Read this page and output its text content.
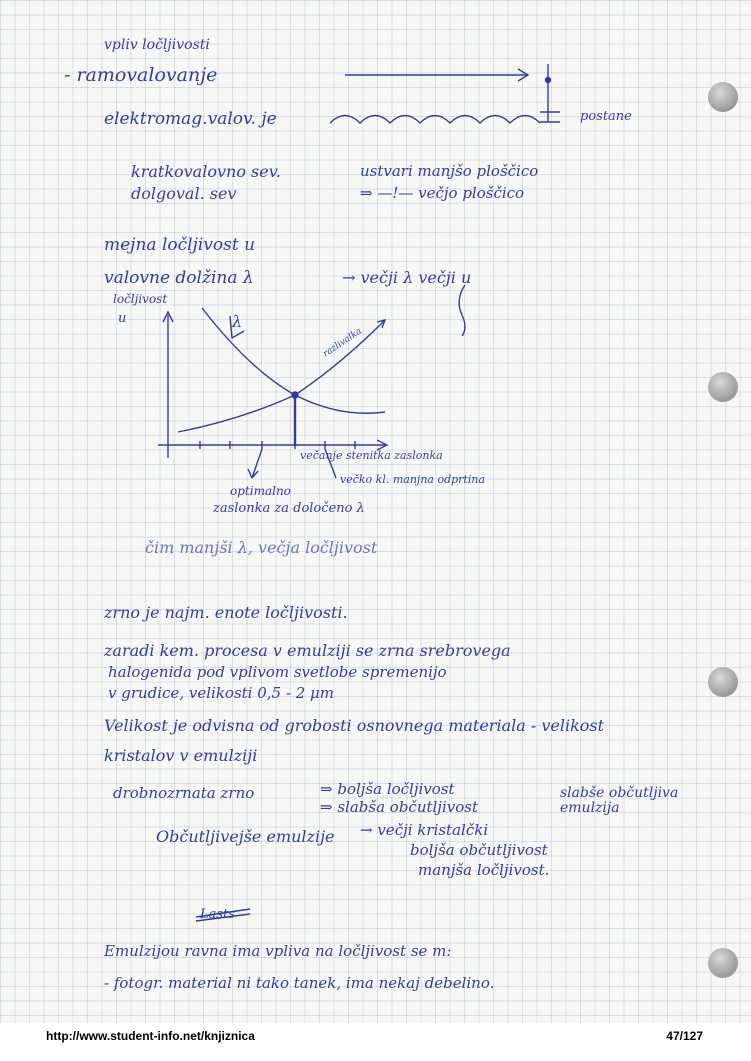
vpliv ločljivosti
- ramovalovanje
elektromag.valov. je	postane
kratkovalovno sev.
dolgoval. sev
ustvari manjšo ploščico
⇒ —!— večjo ploščico
mejna ločljivost u
valovne dolžina λ	→ večji λ večji u
ločljivost
u	λ
razlivalka
večanje stenitka zaslonka
večko kl. manjna odprtina
optimalno
zaslonka za določeno λ
čim manjši λ, večja ločljivost
zrno je najm. enote ločljivosti.
zaradi kem. procesa v emulziji se zrna srebrovega
halogenida pod vplivom svetlobe spremenijo
v grudice, velikosti 0,5 - 2 μm
Velikost je odvisna od grobosti osnovnega materiala - velikost
kristalov v emulziji
drobnozrnata zrno	⇒ boljša ločljivost
⇒ slabša občutljivost
slabše občutljiva emulzija
Občutljivejše emulzije → večji kristalčki
boljša občutljivost
manjša ločljivost.
Lasts
Emulzijou ravna ima vpliva na ločljivost se m:
- fotogr. material ni tako tanek, ima nekaj debelino.
http://www.student-info.net/knjiznica	47/127
